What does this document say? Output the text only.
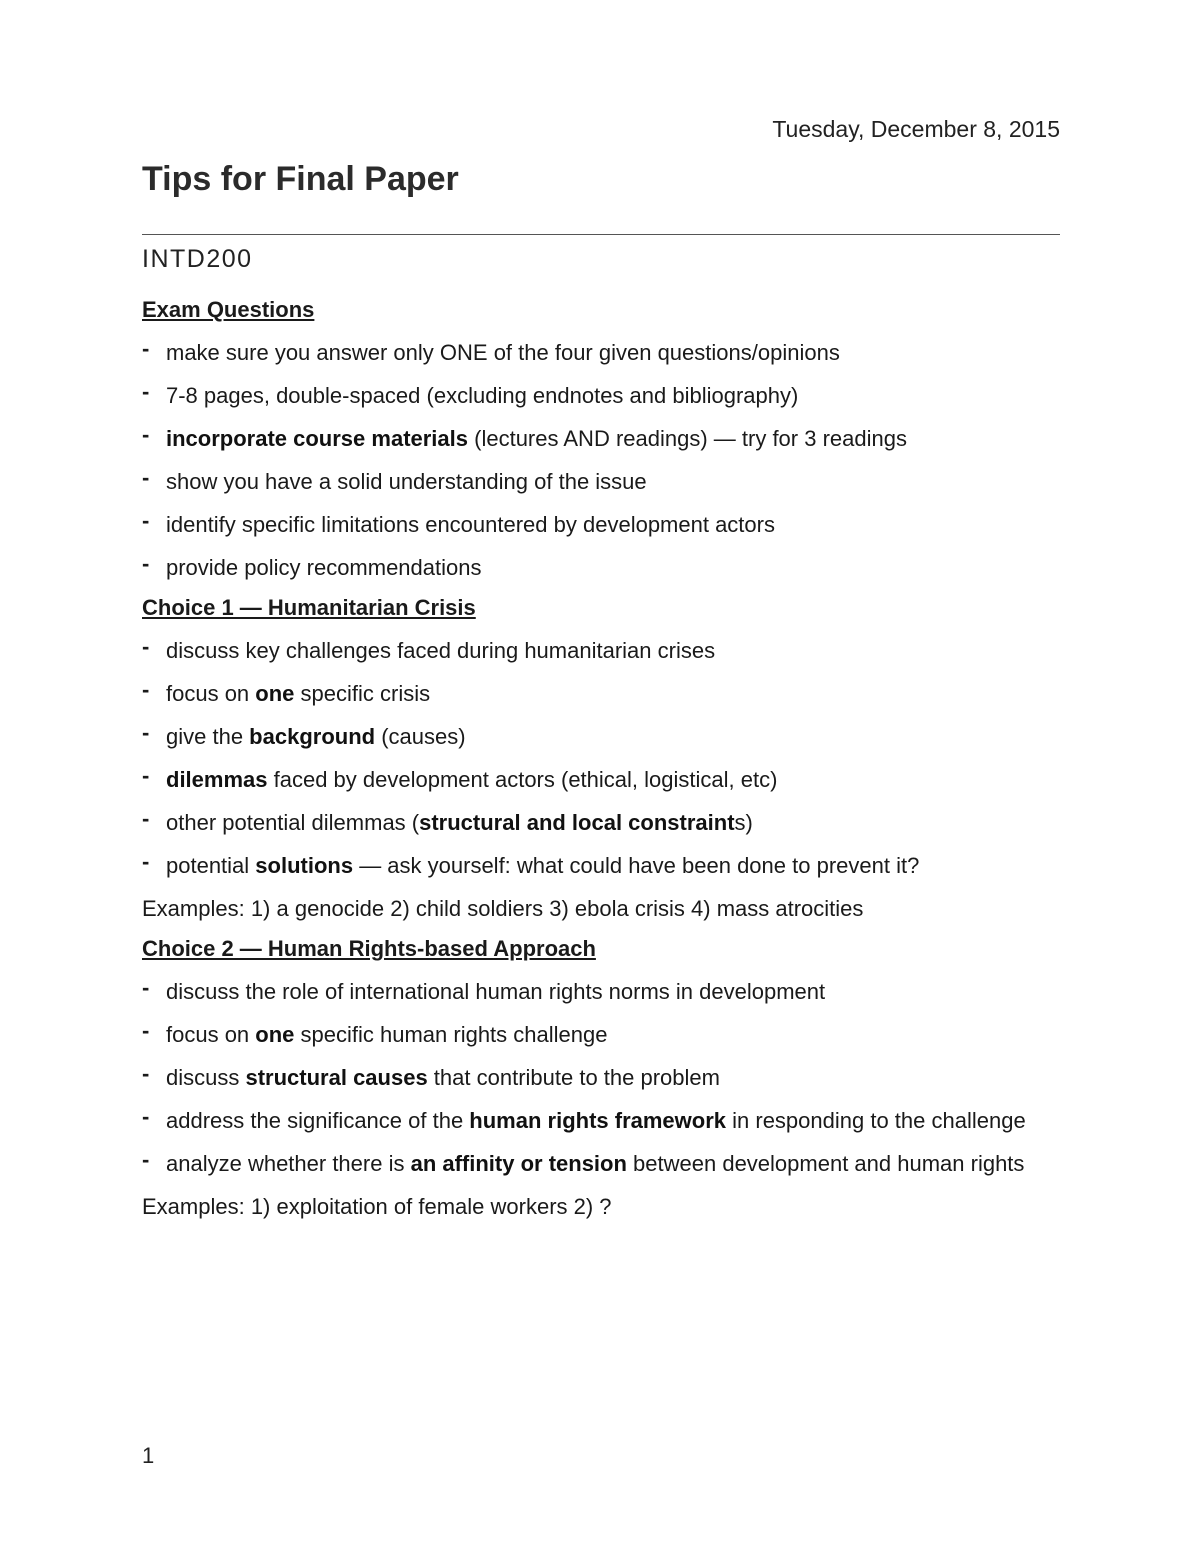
Tuesday, December 8, 2015
Tips for Final Paper
INTD200
Exam Questions
- make sure you answer only ONE of the four given questions/opinions
- 7-8 pages, double-spaced (excluding endnotes and bibliography)
- incorporate course materials (lectures AND readings) — try for 3 readings
- show you have a solid understanding of the issue
- identify specific limitations encountered by development actors
- provide policy recommendations
Choice 1 — Humanitarian Crisis
- discuss key challenges faced during humanitarian crises
- focus on one specific crisis
- give the background (causes)
- dilemmas faced by development actors (ethical, logistical, etc)
- other potential dilemmas (structural and local constraints)
- potential solutions — ask yourself: what could have been done to prevent it?

Examples: 1) a genocide 2) child soldiers 3) ebola crisis 4) mass atrocities

Choice 2 — Human Rights-based Approach
- discuss the role of international human rights norms in development
- focus on one specific human rights challenge
- discuss structural causes that contribute to the problem
- address the significance of the human rights framework in responding to the challenge
- analyze whether there is an affinity or tension between development and human rights

Examples: 1) exploitation of female workers 2) ?

1
